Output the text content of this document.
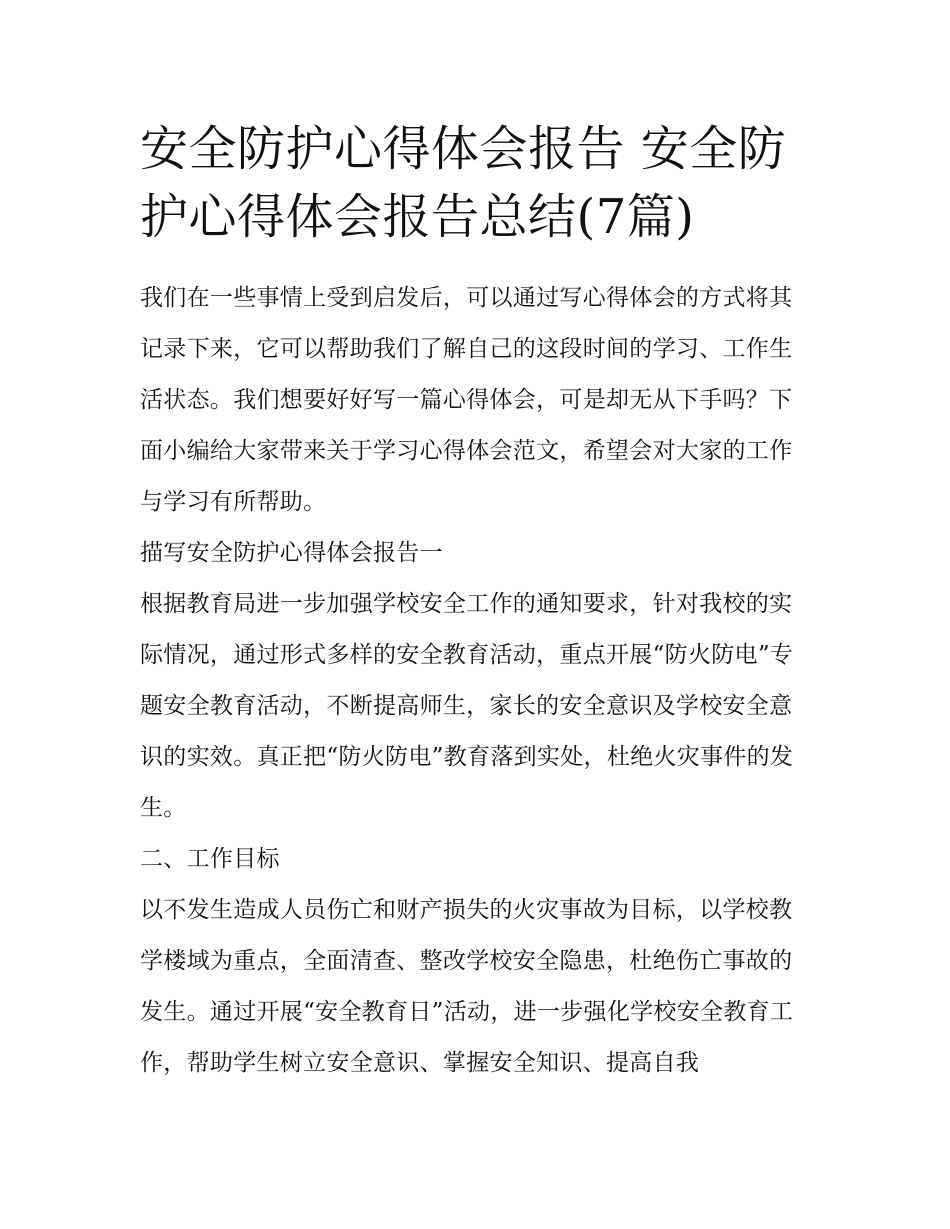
安全防护心得体会报告 安全防护心得体会报告总结(7篇)

我们在一些事情上受到启发后，可以通过写心得体会的方式将其记录下来，它可以帮助我们了解自己的这段时间的学习、工作生活状态。我们想要好好写一篇心得体会，可是却无从下手吗？下面小编给大家带来关于学习心得体会范文，希望会对大家的工作与学习有所帮助。

描写安全防护心得体会报告一

根据教育局进一步加强学校安全工作的通知要求，针对我校的实际情况，通过形式多样的安全教育活动，重点开展“防火防电”专题安全教育活动，不断提高师生，家长的安全意识及学校安全意识的实效。真正把“防火防电”教育落到实处，杜绝火灾事件的发生。

二、工作目标

以不发生造成人员伤亡和财产损失的火灾事故为目标，以学校教学楼域为重点，全面清查、整改学校安全隐患，杜绝伤亡事故的发生。通过开展“安全教育日”活动，进一步强化学校安全教育工作，帮助学生树立安全意识、掌握安全知识、提高自我
